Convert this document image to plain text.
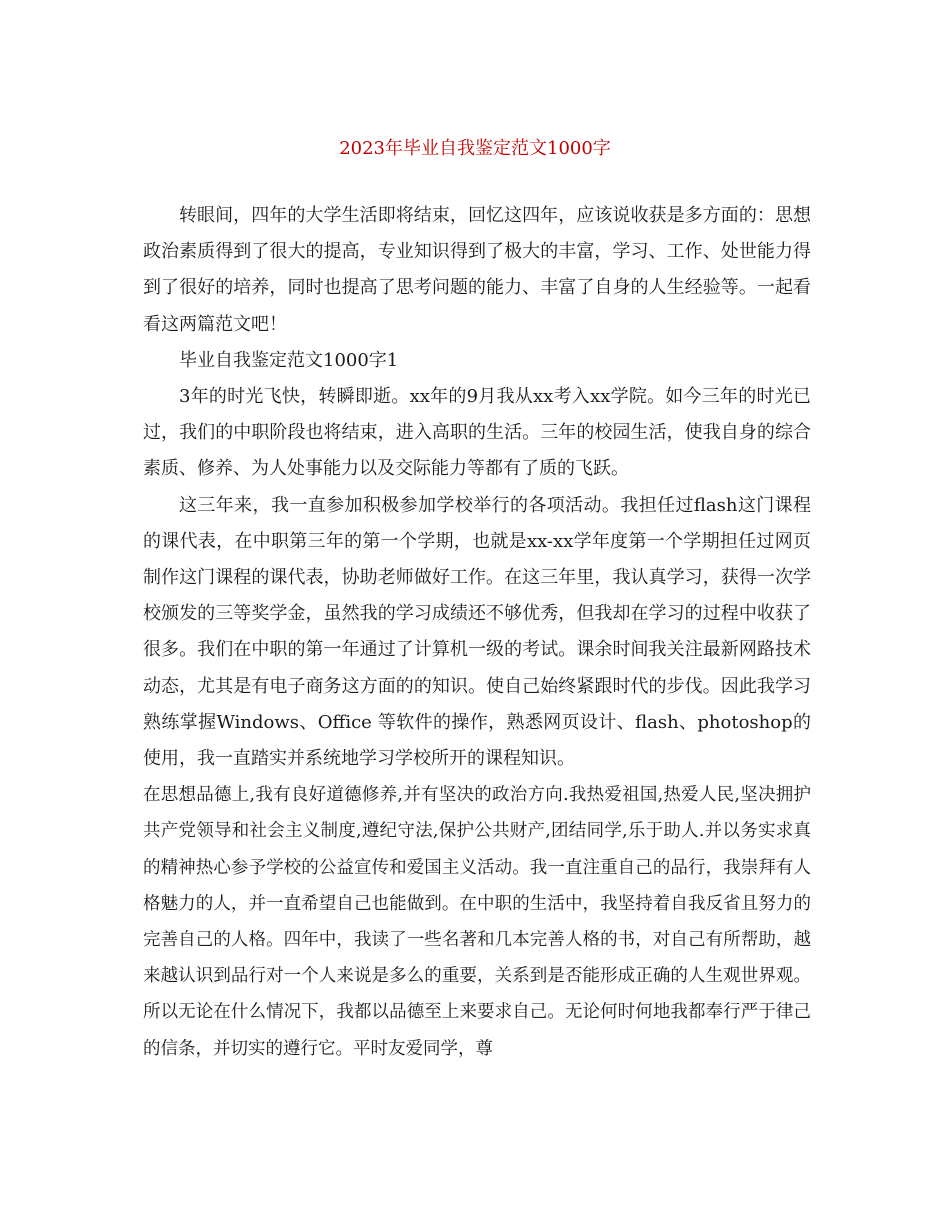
2023年毕业自我鉴定范文1000字

转眼间，四年的大学生活即将结束，回忆这四年，应该说收获是多方面的：思想政治素质得到了很大的提高，专业知识得到了极大的丰富，学习、工作、处世能力得到了很好的培养，同时也提高了思考问题的能力、丰富了自身的人生经验等。一起看看这两篇范文吧！

毕业自我鉴定范文1000字1

3年的时光飞快，转瞬即逝。xx年的9月我从xx考入xx学院。如今三年的时光已过，我们的中职阶段也将结束，进入高职的生活。三年的校园生活，使我自身的综合素质、修养、为人处事能力以及交际能力等都有了质的飞跃。

这三年来，我一直参加积极参加学校举行的各项活动。我担任过flash这门课程的课代表，在中职第三年的第一个学期，也就是xx-xx学年度第一个学期担任过网页制作这门课程的课代表，协助老师做好工作。在这三年里，我认真学习，获得一次学校颁发的三等奖学金，虽然我的学习成绩还不够优秀，但我却在学习的过程中收获了很多。我们在中职的第一年通过了计算机一级的考试。课余时间我关注最新网路技术动态，尤其是有电子商务这方面的的知识。使自己始终紧跟时代的步伐。因此我学习熟练掌握Windows、Office 等软件的操作，熟悉网页设计、flash、photoshop的使用，我一直踏实并系统地学习学校所开的课程知识。

在思想品德上,我有良好道德修养,并有坚决的政治方向.我热爱祖国,热爱人民,坚决拥护共产党领导和社会主义制度,遵纪守法,保护公共财产,团结同学,乐于助人.并以务实求真的精神热心参予学校的公益宣传和爱国主义活动。我一直注重自己的品行，我崇拜有人格魅力的人，并一直希望自己也能做到。在中职的生活中，我坚持着自我反省且努力的完善自己的人格。四年中，我读了一些名著和几本完善人格的书，对自己有所帮助，越来越认识到品行对一个人来说是多么的重要，关系到是否能形成正确的人生观世界观。所以无论在什么情况下，我都以品德至上来要求自己。无论何时何地我都奉行严于律己的信条，并切实的遵行它。平时友爱同学，尊
